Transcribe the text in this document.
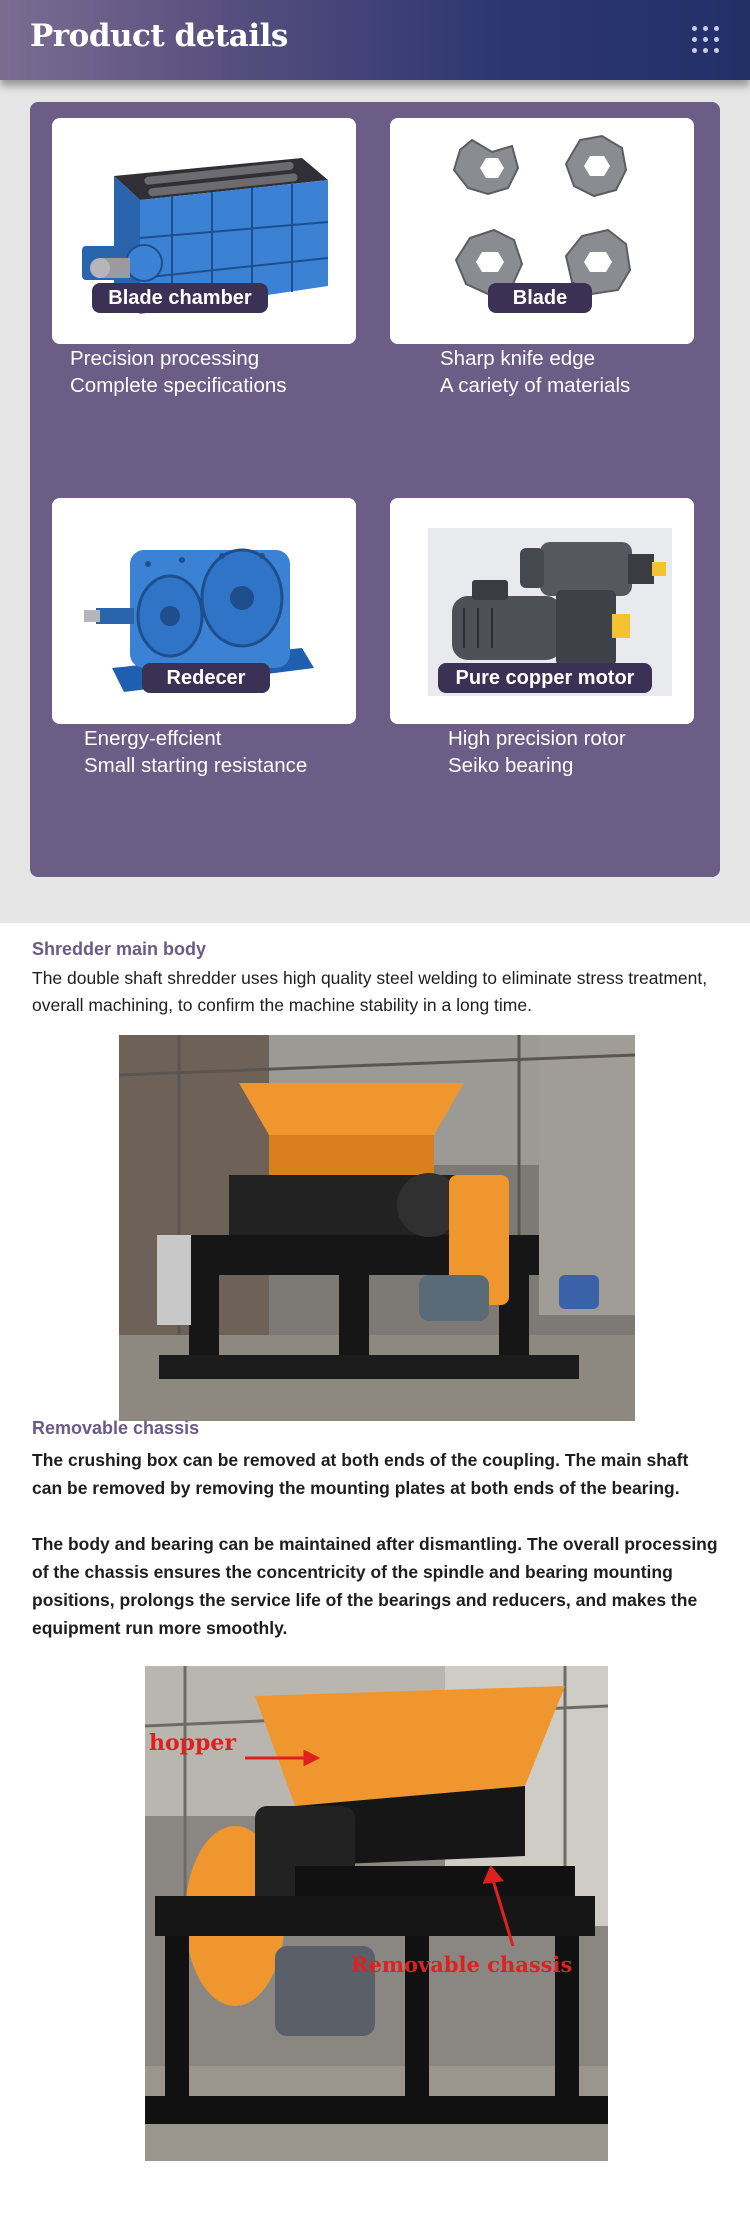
Product details
Blade chamber	Blade
Strict selection of materials.
Precision processing
Complete specifications
High quality material
Sharp knife edge
A cariety of materials
Redecer	Pure copper motor
Cast steel vody durable
Energy-effcient
Small starting resistance
All copper coil
High precision rotor
Seiko bearing
Shredder main body
The double shaft shredder uses high quality steel welding to eliminate stress treatment, overall machining, to confirm the machine stability in a long time.
Removable chassis
The crushing box can be removed at both ends of the coupling. The main shaft can be removed by removing the mounting plates at both ends of the bearing.
The body and bearing can be maintained after dismantling. The overall processing of the chassis ensures the concentricity of the spindle and bearing mounting positions, prolongs the service life of the bearings and reducers, and makes the equipment run more smoothly.
hopper
Removable chassis
